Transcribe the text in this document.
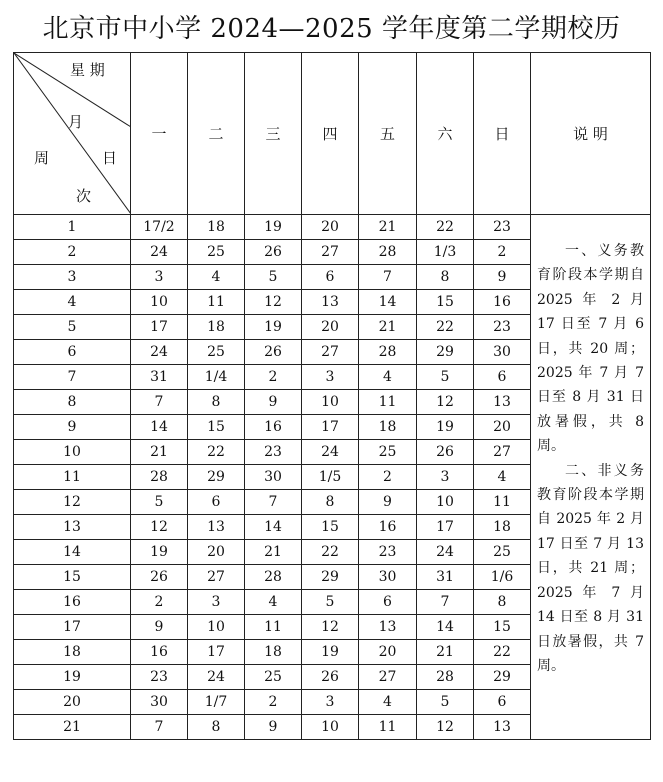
北京市中小学 2024—2025 学年度第二学期校历
星 期
月
周 日
次	一	二	三	四	五	六	日	说 明
1	17/2	18	19	20	21	22	23	一、义务教育阶段本学期自 2025 年 2 月 17 日至 7 月 6 日，共 20 周；2025 年 7 月 7 日至 8 月 31 日放暑假，共 8 周。

二、非义务教育阶段本学期自 2025 年 2 月 17 日至 7 月 13 日，共 21 周；2025 年 7 月 14 日至 8 月 31 日放暑假，共 7 周。

2	24	25	26	27	28	1/3	2	
3	3	4	5	6	7	8	9	
4	10	11	12	13	14	15	16	
5	17	18	19	20	21	22	23	
6	24	25	26	27	28	29	30	
7	31	1/4	2	3	4	5	6	
8	7	8	9	10	11	12	13	
9	14	15	16	17	18	19	20	
10	21	22	23	24	25	26	27	
11	28	29	30	1/5	2	3	4	
12	5	6	7	8	9	10	11	
13	12	13	14	15	16	17	18	
14	19	20	21	22	23	24	25	
15	26	27	28	29	30	31	1/6	
16	2	3	4	5	6	7	8	
17	9	10	11	12	13	14	15	
18	16	17	18	19	20	21	22	
19	23	24	25	26	27	28	29	
20	30	1/7	2	3	4	5	6	
21	7	8	9	10	11	12	13	
